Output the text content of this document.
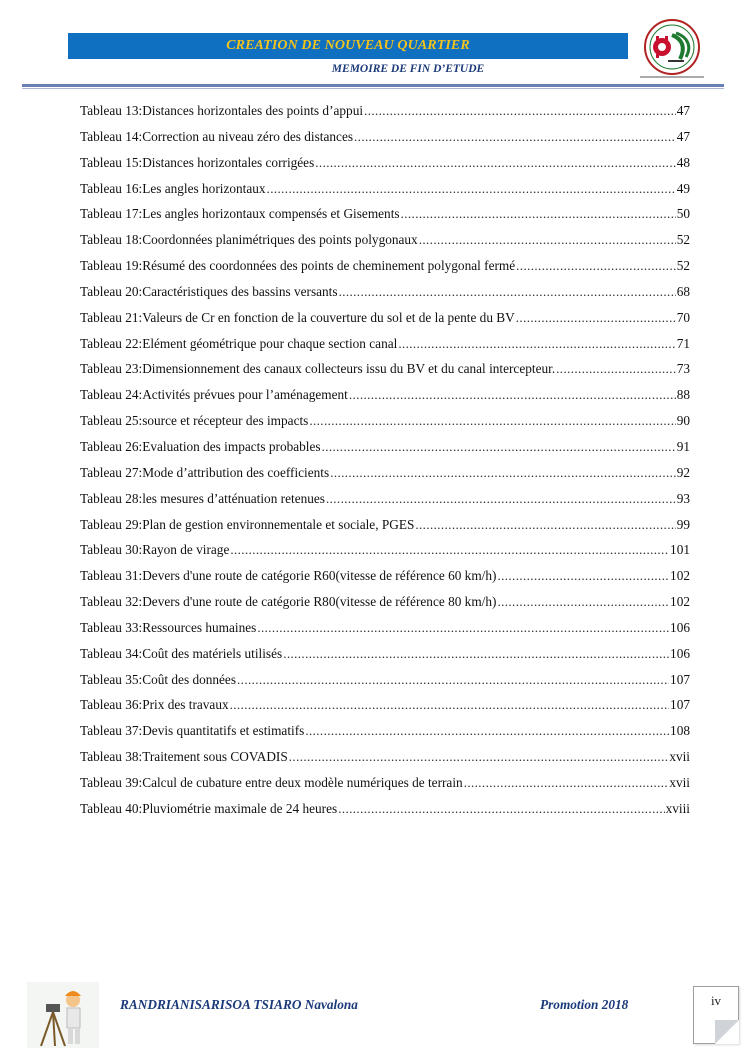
CREATION DE NOUVEAU QUARTIER
MEMOIRE DE FIN D’ETUDE
Tableau 13:Distances horizontales des points d’appui .....	47
Tableau 14:Correction au niveau zéro des distances .....	47
Tableau 15:Distances horizontales corrigées .....	48
Tableau 16:Les angles horizontaux .....	49
Tableau 17:Les angles horizontaux compensés et Gisements .....	50
Tableau 18:Coordonnées planimétriques des points polygonaux .....	52
Tableau 19:Résumé des coordonnées des points de cheminement polygonal fermé .....	52
Tableau 20:Caractéristiques des bassins versants .....	68
Tableau 21:Valeurs de Cr en fonction de la couverture du sol et de la pente du BV .....	70
Tableau 22:Elément géométrique pour chaque section canal .....	71
Tableau 23:Dimensionnement des canaux collecteurs issu du BV et du canal intercepteur. .....	73
Tableau 24:Activités prévues pour l’aménagement .....	88
Tableau 25:source et récepteur des impacts .....	90
Tableau 26:Evaluation des impacts probables .....	91
Tableau 27:Mode d’attribution des coefficients .....	92
Tableau 28:les mesures d’atténuation retenues .....	93
Tableau 29:Plan de gestion environnementale et sociale, PGES .....	99
Tableau 30:Rayon de virage .....	101
Tableau 31:Devers d'une route de catégorie R60(vitesse de référence 60 km/h) .....	102
Tableau 32:Devers d'une route de catégorie R80(vitesse de référence 80 km/h) .....	102
Tableau 33:Ressources humaines .....	106
Tableau 34:Coût des matériels utilisés .....	106
Tableau 35:Coût des données .....	107
Tableau 36:Prix des travaux .....	107
Tableau 37:Devis quantitatifs et estimatifs .....	108
Tableau 38:Traitement sous COVADIS .....	xvii
Tableau 39:Calcul de cubature entre deux modèle numériques de terrain .....	xvii
Tableau 40:Pluviométrie maximale de 24 heures .....	xviii
RANDRIANISARISOA TSIARO Navalona	Promotion 2018	iv
